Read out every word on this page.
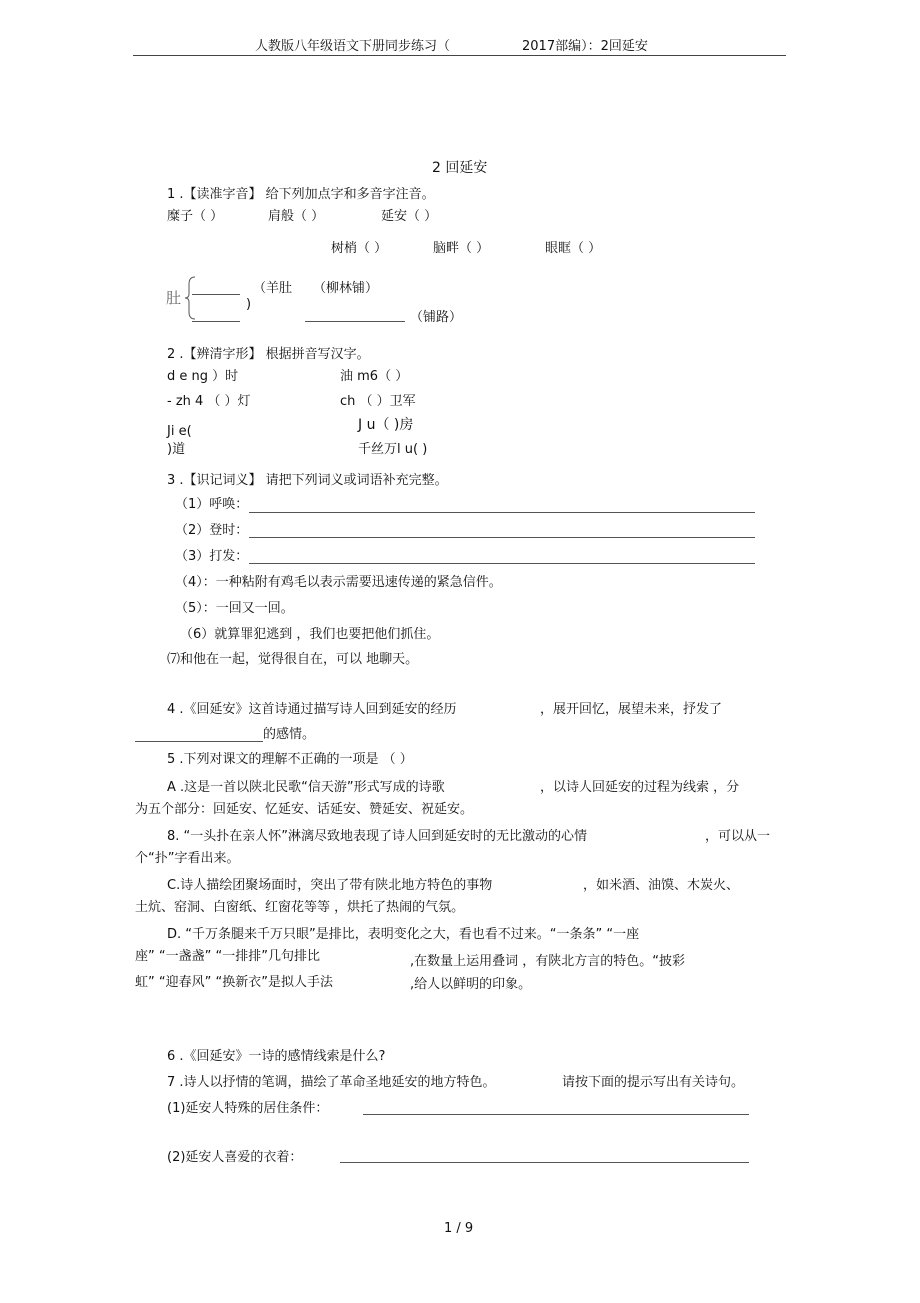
人教版八年级语文下册同步练习（	2017部编）：2回延安
2 回延安
1 .【读准字音】 给下列加点字和多音字注音。
糜子（ ）	肩般（ ）	延安（ ）
树梢（ ）	脑畔（ ）	眼眶（ ）
肚
（羊肚 （柳林铺）
)
（铺路）
2 .【辨清字形】 根据拼音写汉字。
d e ng ）时	油 m6（ ）
- zh 4 （ ）灯	ch （ ）卫军
Ji e(	J u（ )房
)道	千丝万l u( )
3 .【识记词义】 请把下列词义或词语补充完整。
（1）呼唤：
（2）登时：
（3）打发：
（4）：一种粘附有鸡毛以表示需要迅速传递的紧急信件。
（5）：一回又一回。
（6）就算罪犯逃到 ，我们也要把他们抓住。
⑺和他在一起，觉得很自在，可以 地聊天。
4 .《回延安》这首诗通过描写诗人回到延安的经历	，展开回忆，展望未来，抒发了
的感情。
5 .下列对课文的理解不正确的一项是 （ ）
A .这是一首以陕北民歌“信天游”形式写成的诗歌	，以诗人回延安的过程为线索 ，分
为五个部分：回延安、忆延安、话延安、赞延安、祝延安。
8. “一头扑在亲人怀”淋漓尽致地表现了诗人回到延安时的无比激动的心情	，可以从一
个“扑”字看出来。
C.诗人描绘团聚场面时，突出了带有陕北地方特色的事物	，如米酒、油馍、木炭火、
土炕、窑洞、白窗纸、红窗花等等 ，烘托了热闹的气氛。
D. “千万条腿来千万只眼”是排比，表明变化之大，看也看不过来。“一条条” “一座
座” “一盏盏” “一排排”几句排比	,在数量上运用叠词 ，有陕北方言的特色。“披彩
虹” “迎春风” “换新衣”是拟人手法	,给人以鲜明的印象。
6 .《回延安》一诗的感情线索是什么?
7 .诗人以抒情的笔调，描绘了革命圣地延安的地方特色。	请按下面的提示写出有关诗句。
(1)延安人特殊的居住条件：
(2)延安人喜爱的衣着：
1 / 9
